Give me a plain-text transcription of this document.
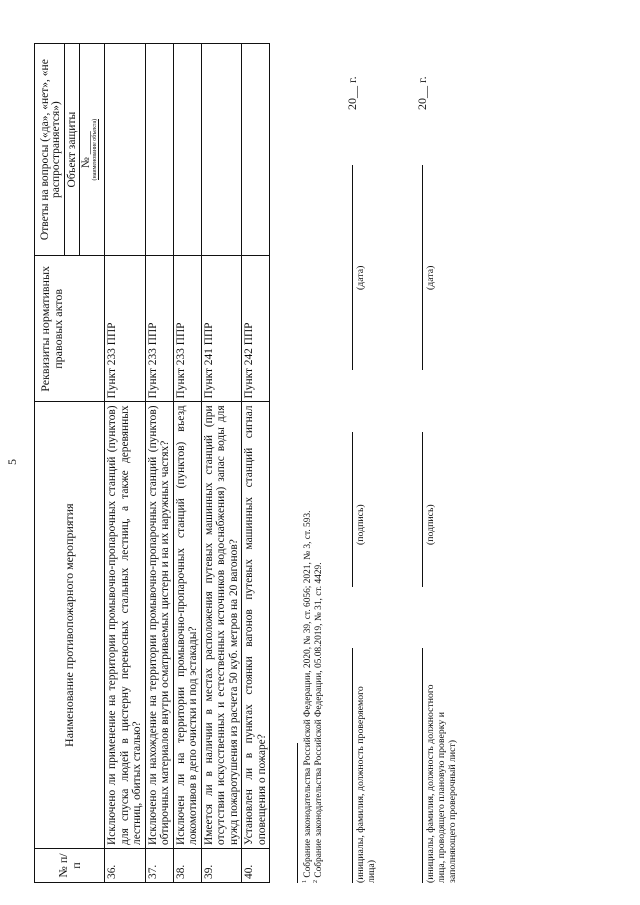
5
№ п/п	Наименование противопожарного мероприятия	Реквизиты нормативных правовых актов	Ответы на вопросы («да», «нет», «не распространяется») Объект защиты № ____ (наименование объекта)

36.	Исключено ли применение на территории промывочно-пропарочных станций (пунктов) для спуска людей в цистерну переносных стальных лестниц, а также деревянных лестниц, обитых сталью?	Пункт 233 ППР	
37.	Исключено ли нахождение на территории промывочно-пропарочных станций (пунктов) обтирочных материалов внутри осматриваемых цистерн и на их наружных частях?	Пункт 233 ППР	
38.	Исключен ли на территории промывочно-пропарочных станций (пунктов) въезд локомотивов в депо очистки и под эстакады?	Пункт 233 ППР	
39.	Имеется ли в наличии в местах расположения путевых машинных станций (при отсутствии искусственных и естественных источников водоснабжения) запас воды для нужд пожаротушения из расчета 50 куб. метров на 20 вагонов?	Пункт 241 ППР	
40.	Установлен ли в пунктах стоянки вагонов путевых машинных станций сигнал оповещения о пожаре?	Пункт 242 ППР	
$^1$ Собрание законодательства Российской Федерации, 2020, № 39, ст. 6056; 2021, № 3, ст. 593.
$^2$ Собрание законодательства Российской Федерации, 05.08.2019, № 31, ст. 4429.
20__ г.
(инициалы, фамилия, должность проверяемого лица)
(подпись)
(дата)
20__ г.
(инициалы, фамилия, должность должностного лица, проводящего плановую проверку и заполняющего проверочный лист)
(подпись)
(дата)
